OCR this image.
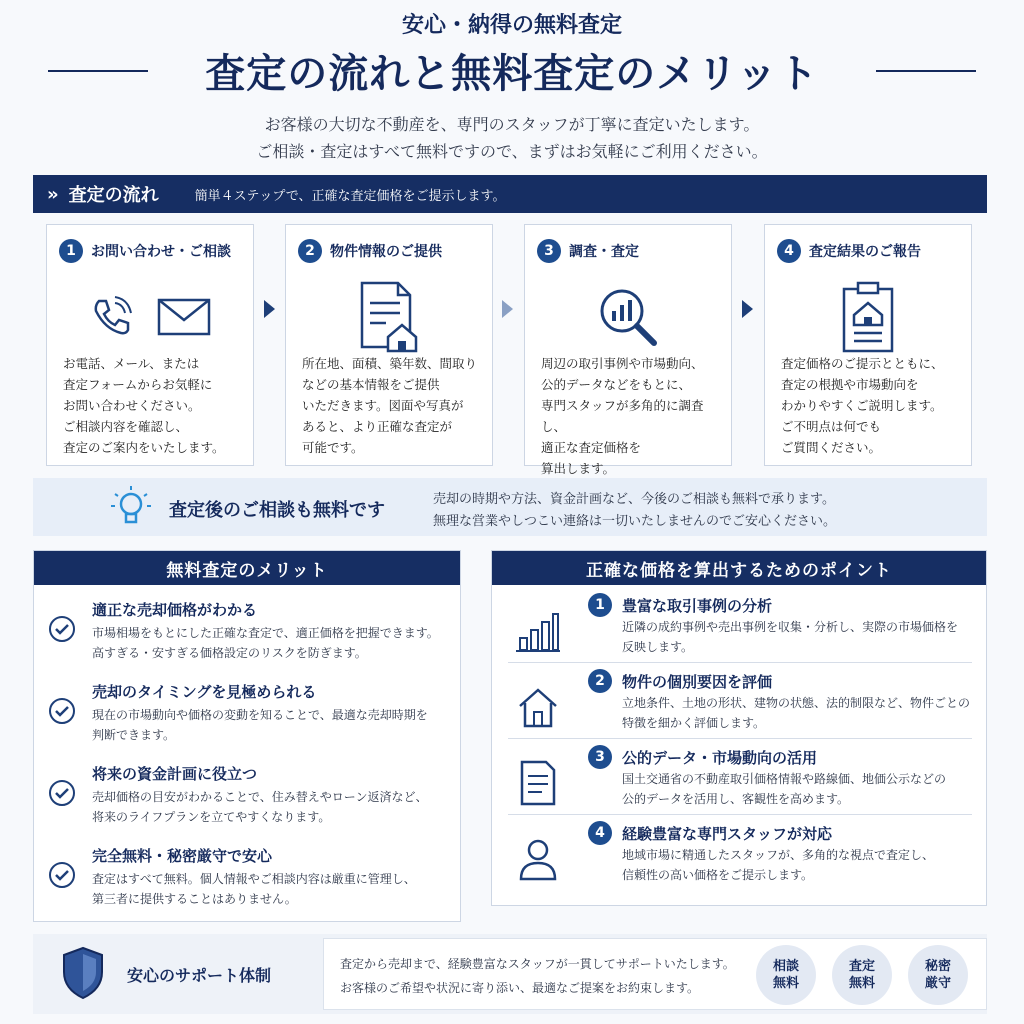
安心・納得の無料査定
査定の流れと無料査定のメリット
お客様の大切な不動産を、専門のスタッフが丁寧に査定いたします。
ご相談・査定はすべて無料ですので、まずはお気軽にご利用ください。
» 査定の流れ	簡単４ステップで、正確な査定価格をご提示します。
1	お問い合わせ・ご相談
お電話、メール、または
査定フォームからお気軽に
お問い合わせください。
ご相談内容を確認し、
査定のご案内をいたします。
2	物件情報のご提供
所在地、面積、築年数、間取り
などの基本情報をご提供
いただきます。図面や写真が
あると、より正確な査定が
可能です。
3	調査・査定
周辺の取引事例や市場動向、
公的データなどをもとに、
専門スタッフが多角的に調査し、
適正な査定価格を
算出します。
4	査定結果のご報告
査定価格のご提示とともに、
査定の根拠や市場動向を
わかりやすくご説明します。
ご不明点は何でも
ご質問ください。
査定後のご相談も無料です
売却の時期や方法、資金計画など、今後のご相談も無料で承ります。
無理な営業やしつこい連絡は一切いたしませんのでご安心ください。
無料査定のメリット
適正な売却価格がわかる
市場相場をもとにした正確な査定で、適正価格を把握できます。
高すぎる・安すぎる価格設定のリスクを防ぎます。
売却のタイミングを見極められる
現在の市場動向や価格の変動を知ることで、最適な売却時期を
判断できます。
将来の資金計画に役立つ
売却価格の目安がわかることで、住み替えやローン返済など、
将来のライフプランを立てやすくなります。
完全無料・秘密厳守で安心
査定はすべて無料。個人情報やご相談内容は厳重に管理し、
第三者に提供することはありません。
正確な価格を算出するためのポイント
1	豊富な取引事例の分析
近隣の成約事例や売出事例を収集・分析し、実際の市場価格を
反映します。
2	物件の個別要因を評価
立地条件、土地の形状、建物の状態、法的制限など、物件ごとの
特徴を細かく評価します。
3	公的データ・市場動向の活用
国土交通省の不動産取引価格情報や路線価、地価公示などの
公的データを活用し、客観性を高めます。
4	経験豊富な専門スタッフが対応
地域市場に精通したスタッフが、多角的な視点で査定し、
信頼性の高い価格をご提示します。
安心のサポート体制
査定から売却まで、経験豊富なスタッフが一貫してサポートいたします。
お客様のご希望や状況に寄り添い、最適なご提案をお約束します。
相談
無料
査定
無料
秘密
厳守
